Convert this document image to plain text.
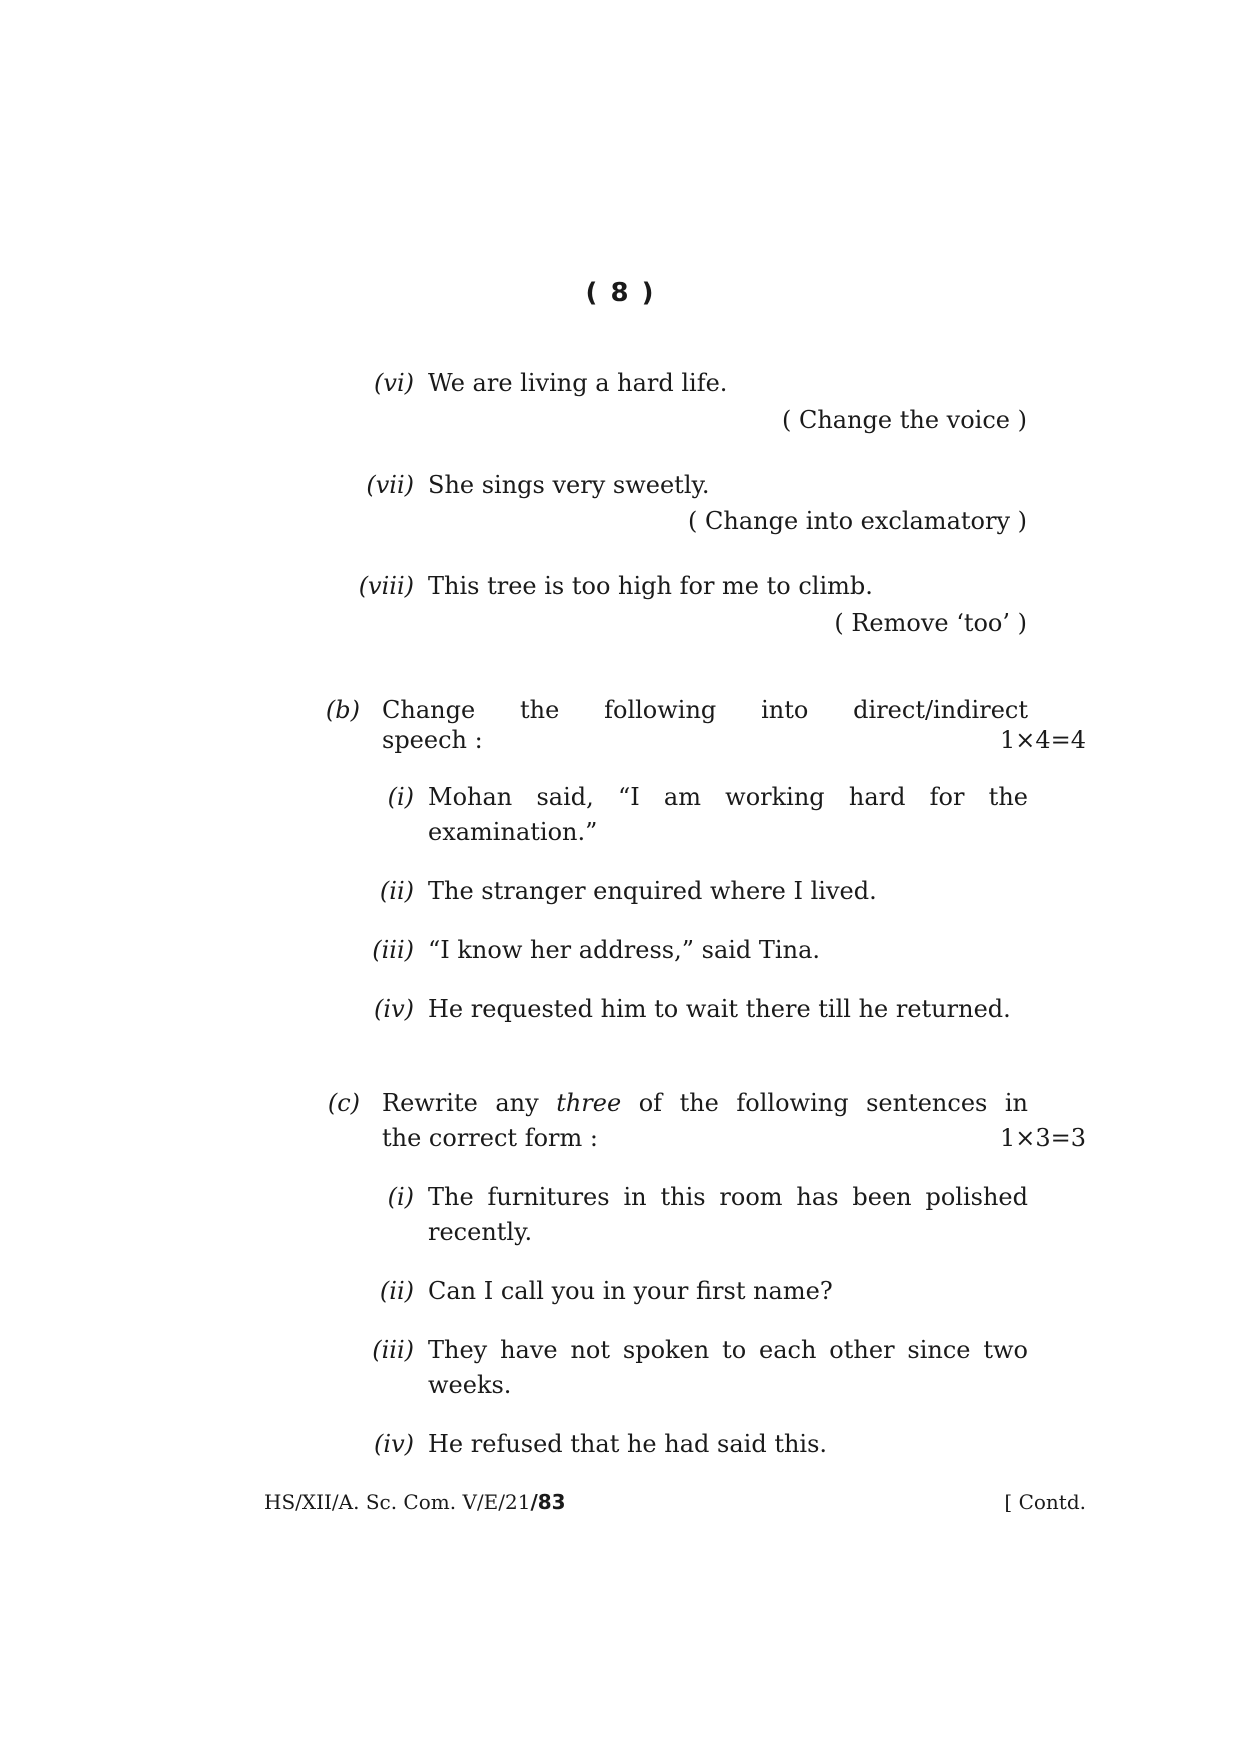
( 8 )
(vi) We are living a hard life.
( Change the voice )
(vii) She sings very sweetly.
( Change into exclamatory )
(viii) This tree is too high for me to climb.
( Remove ‘too’ )
(b) Change the following into direct/indirect
speech :	1×4=4
(i) Mohan said, “I am working hard for the examination.”
(ii) The stranger enquired where I lived.
(iii) “I know her address,” said Tina.
(iv) He requested him to wait there till he returned.
(c) Rewrite any three of the following sentences in
the correct form :	1×3=3
(i) The furnitures in this room has been polished recently.
(ii) Can I call you in your first name?
(iii) They have not spoken to each other since two weeks.
(iv) He refused that he had said this.
HS/XII/A. Sc. Com. V/E/21/83	[ Contd.
